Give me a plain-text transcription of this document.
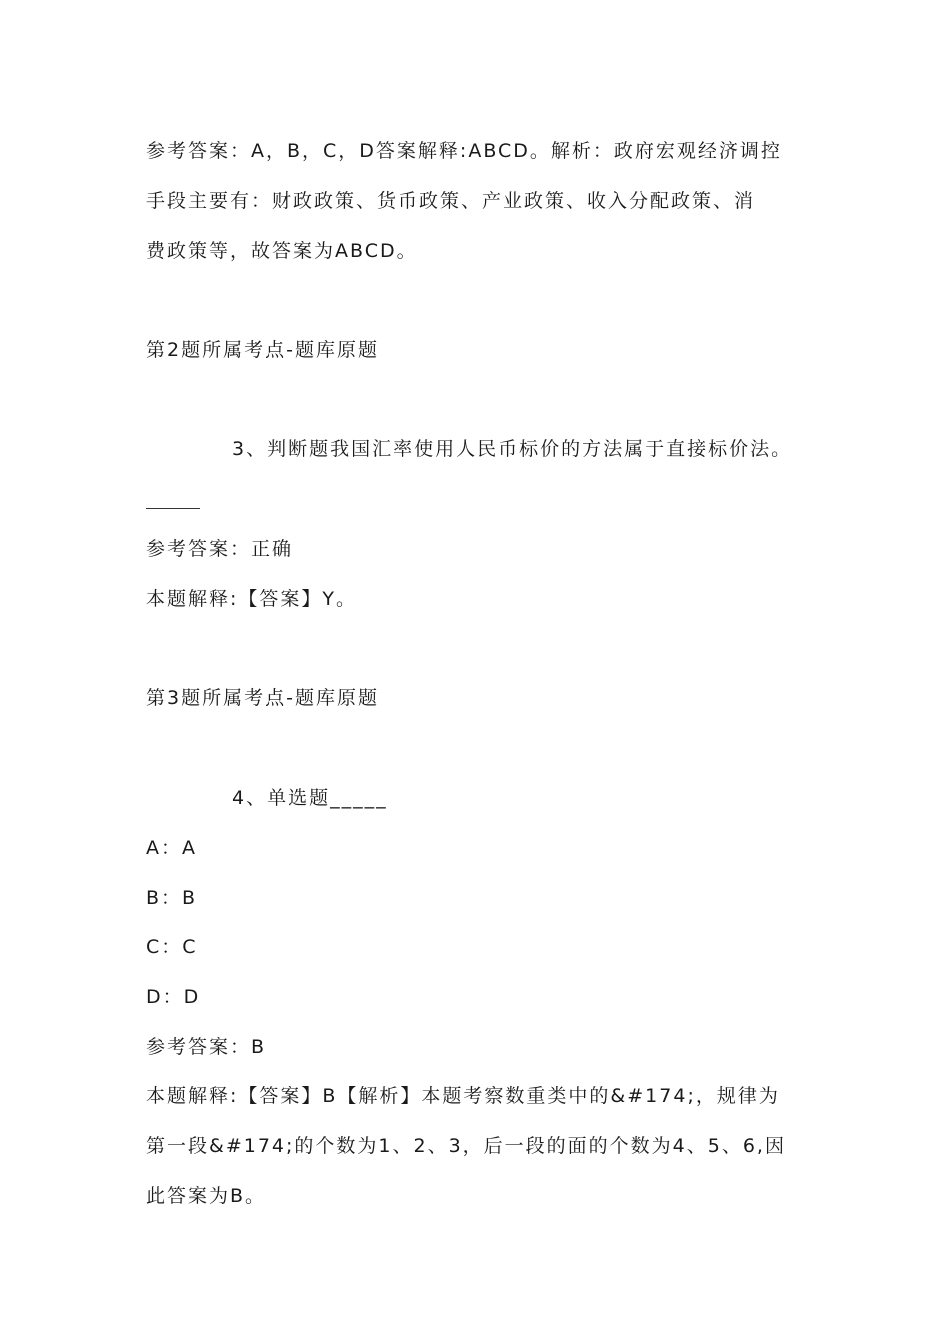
参考答案：A，B，C，D答案解释:ABCD。解析：政府宏观经济调控
手段主要有：财政政策、货币政策、产业政策、收入分配政策、消
费政策等，故答案为ABCD。
第2题所属考点-题库原题
3、判断题我国汇率使用人民币标价的方法属于直接标价法。
参考答案：正确
本题解释:【答案】Y。
第3题所属考点-题库原题
4、单选题_____
A：A
B：B
C：C
D：D
参考答案：B
本题解释:【答案】B【解析】本题考察数重类中的&#174;，规律为
第一段&#174;的个数为1、2、3，后一段的面的个数为4、5、6,因
此答案为B。
